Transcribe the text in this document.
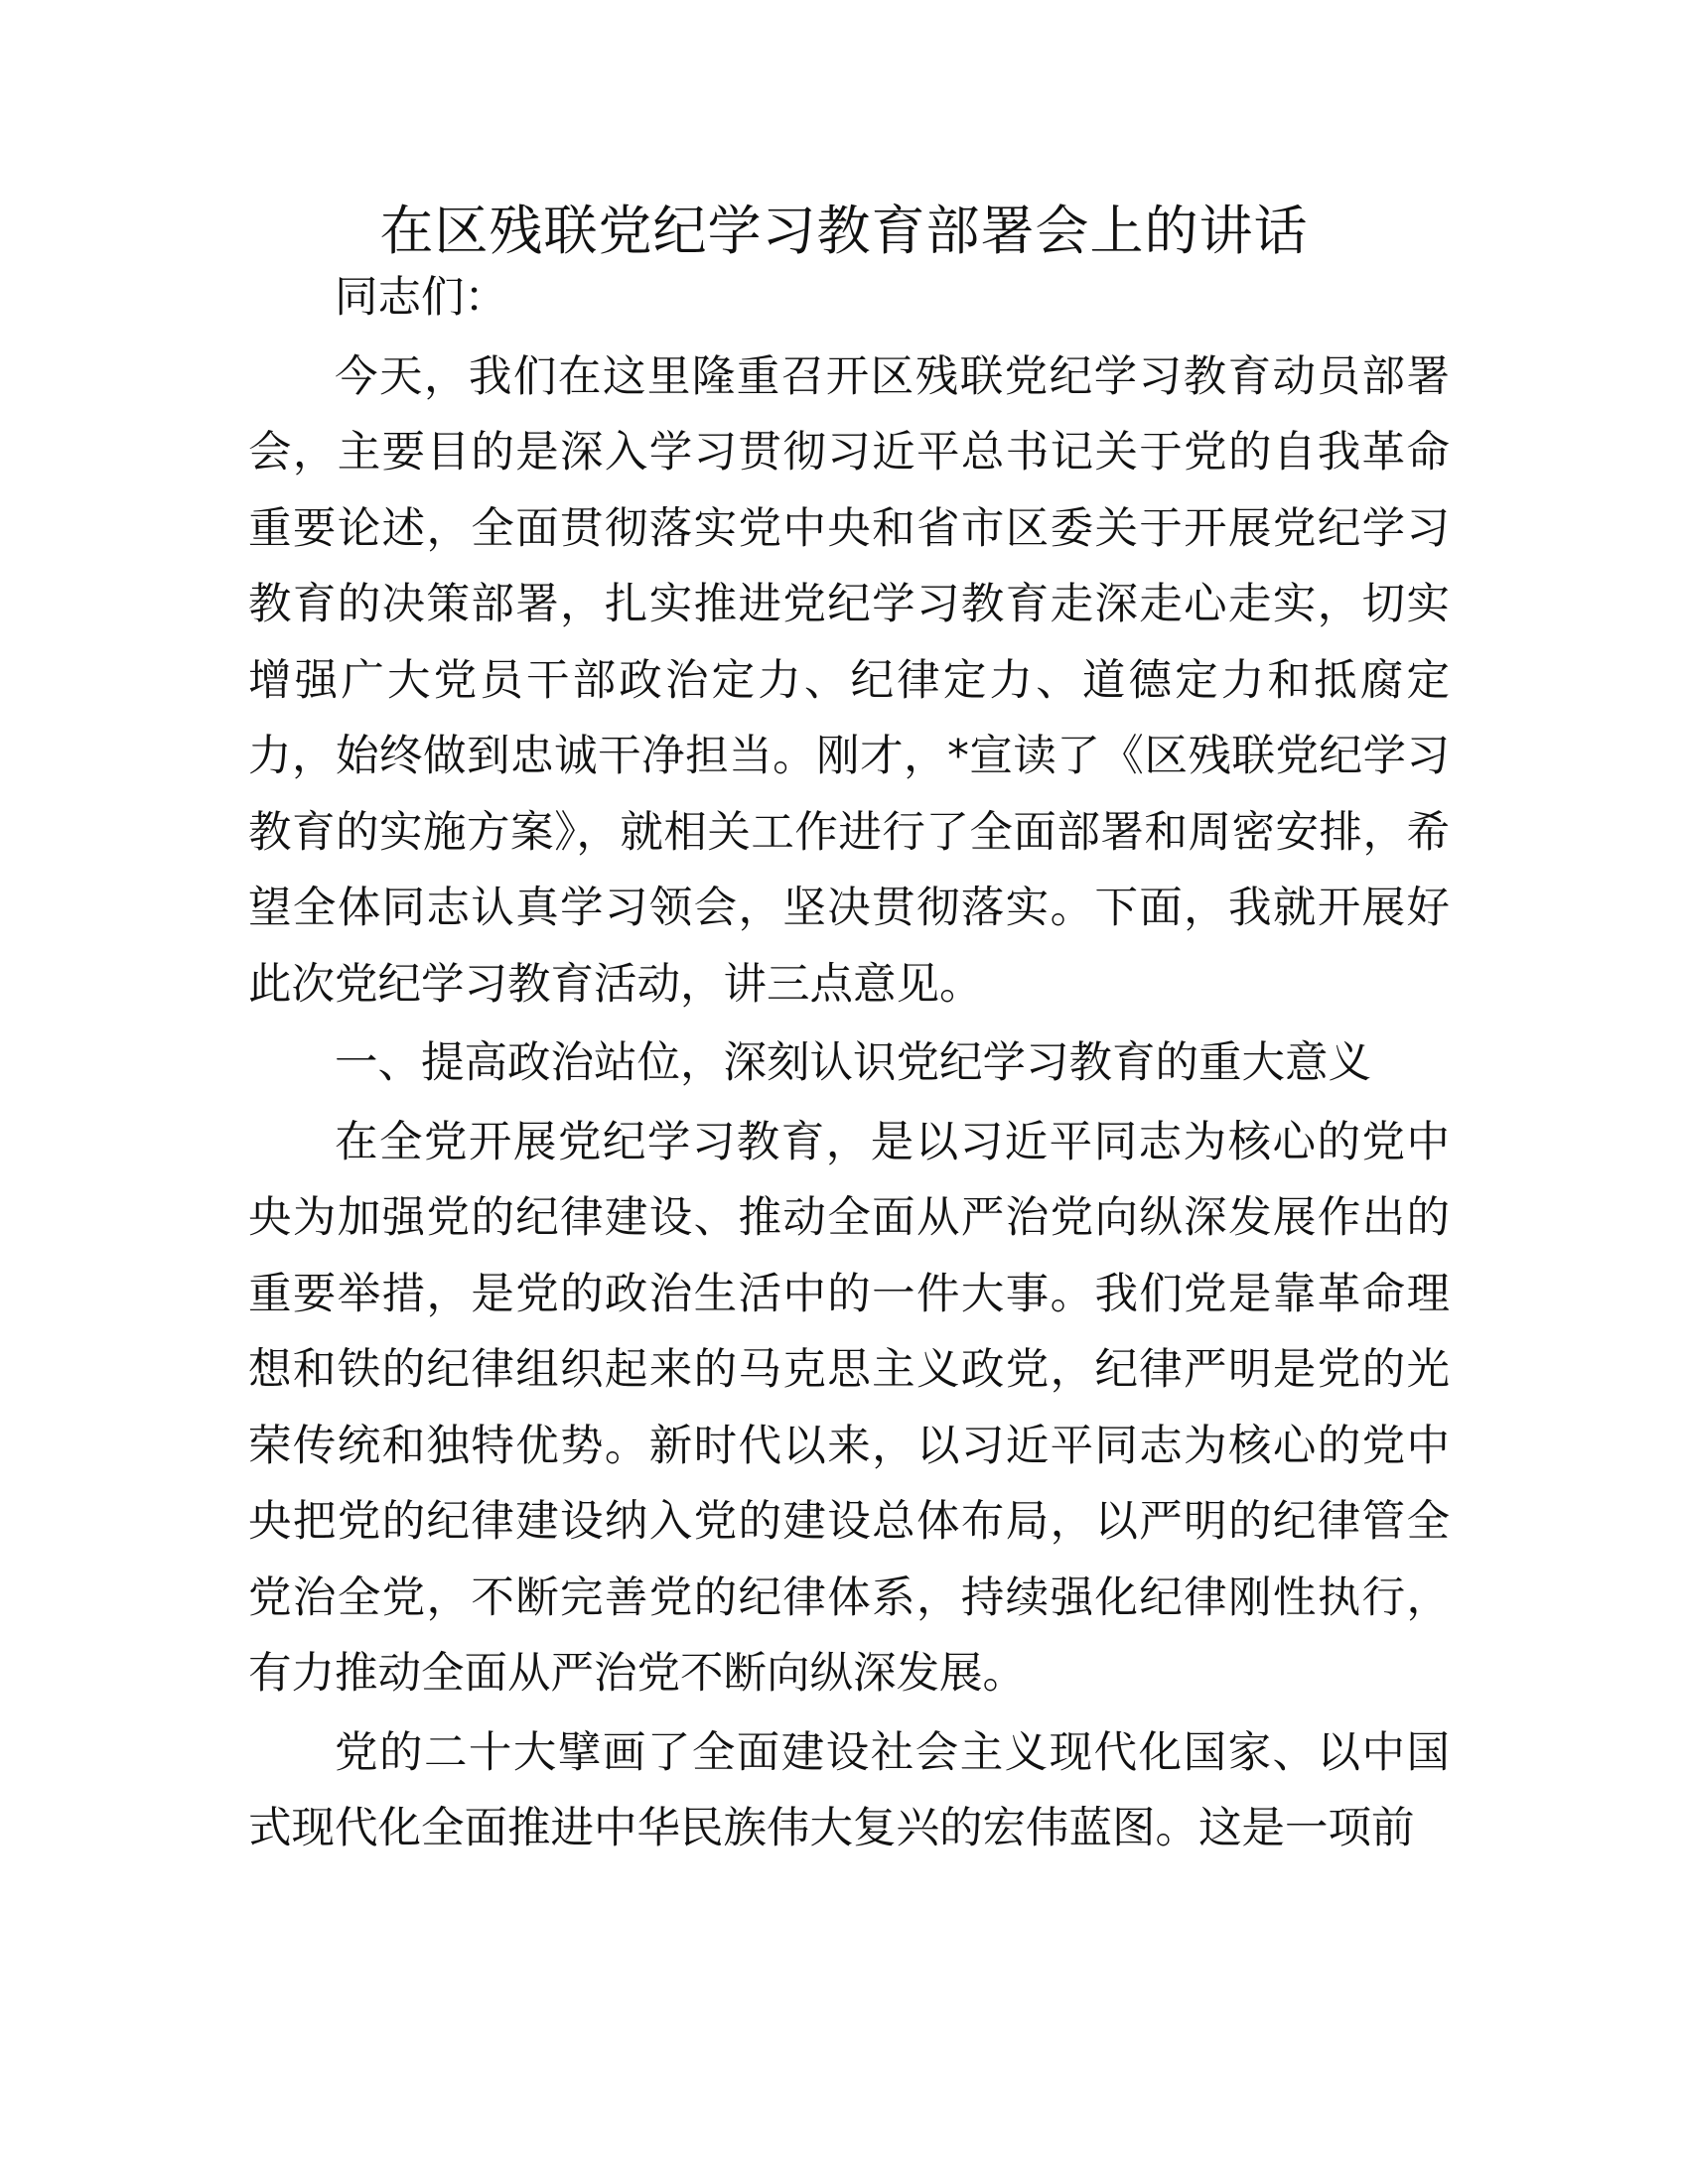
在区残联党纪学习教育部署会上的讲话

同志们：

今天，我们在这里隆重召开区残联党纪学习教育动员部署会，主要目的是深入学习贯彻习近平总书记关于党的自我革命重要论述，全面贯彻落实党中央和省市区委关于开展党纪学习教育的决策部署，扎实推进党纪学习教育走深走心走实，切实增强广大党员干部政治定力、纪律定力、道德定力和抵腐定力，始终做到忠诚干净担当。刚才，*宣读了《区残联党纪学习教育的实施方案》，就相关工作进行了全面部署和周密安排，希望全体同志认真学习领会，坚决贯彻落实。下面，我就开展好此次党纪学习教育活动，讲三点意见。

一、提高政治站位，深刻认识党纪学习教育的重大意义

在全党开展党纪学习教育，是以习近平同志为核心的党中央为加强党的纪律建设、推动全面从严治党向纵深发展作出的重要举措，是党的政治生活中的一件大事。我们党是靠革命理想和铁的纪律组织起来的马克思主义政党，纪律严明是党的光荣传统和独特优势。新时代以来，以习近平同志为核心的党中央把党的纪律建设纳入党的建设总体布局，以严明的纪律管全党治全党，不断完善党的纪律体系，持续强化纪律刚性执行，有力推动全面从严治党不断向纵深发展。

党的二十大擘画了全面建设社会主义现代化国家、以中国式现代化全面推进中华民族伟大复兴的宏伟蓝图。这是一项前
